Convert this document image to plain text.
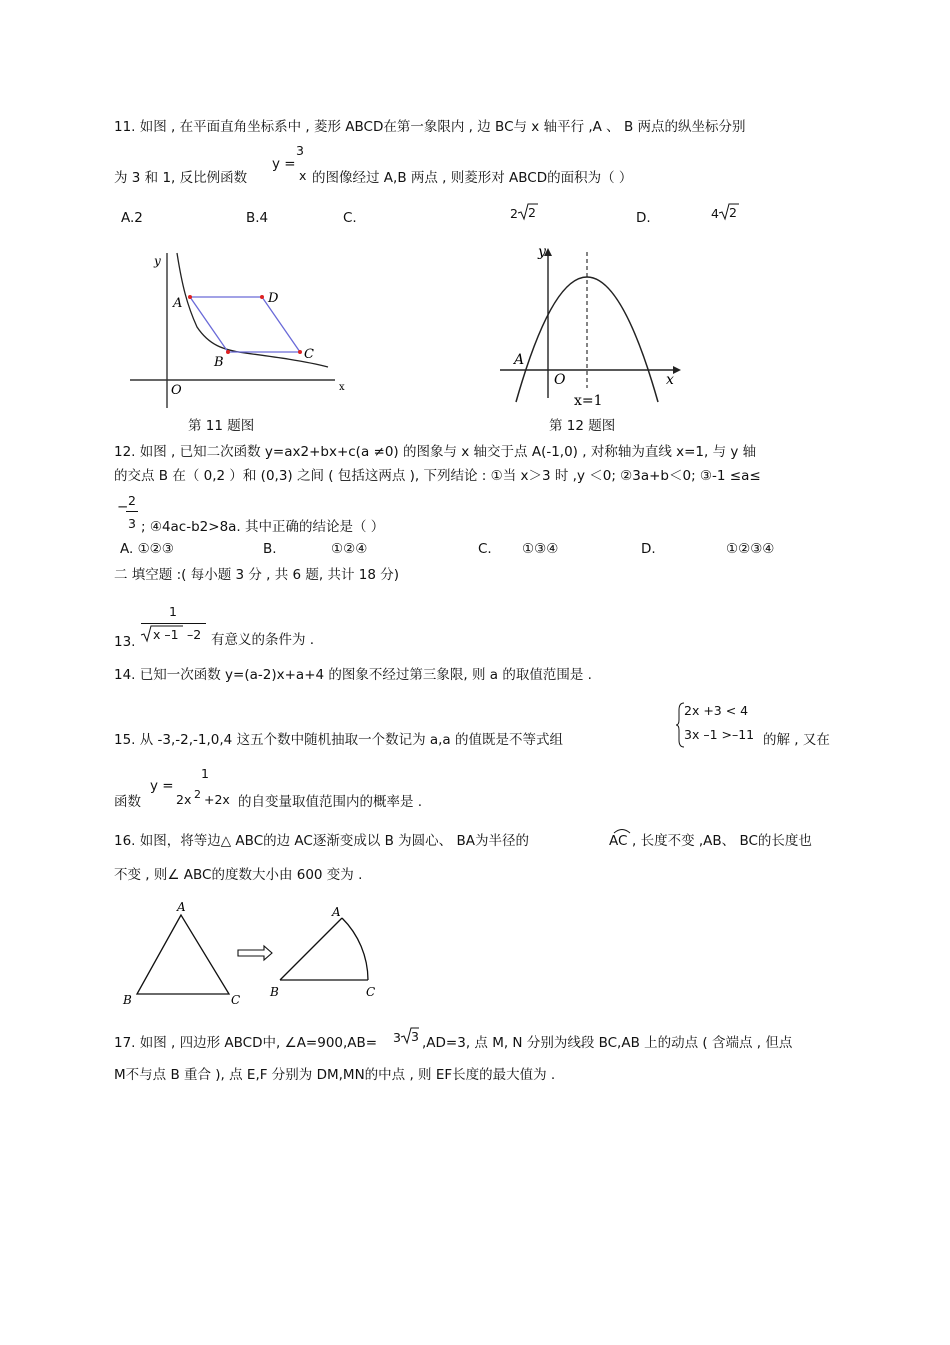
11. 如图 , 在平面直角坐标系中 , 菱形 ABCD在第一象限内 , 边 BC与 x 轴平行 ,A 、 B 两点的纵坐标分别
y =
3
x
为 3 和 1, 反比例函数	的图像经过 A,B 两点 , 则菱形对 ABCD的面积为（ ）
A.2	B.4	C.	2 2	D.	4 2
y
x
O
A	D
C
B
第 11 题图
y
x
O
A
x=1
第 12 题图
12. 如图 , 已知二次函数 y=ax2+bx+c(a ≠0) 的图象与 x 轴交于点 A(-1,0) , 对称轴为直线 x=1, 与 y 轴
的交点 B 在（ 0,2 ）和 (0,3) 之间 ( 包括这两点 ), 下列结论 : ①当 x＞3 时 ,y ＜0; ②3a+b＜0; ③-1 ≤a≤
− 2
3 ; ④4ac-b2>8a. 其中正确的结论是（ ）
A. ①②③	B.	①②④	C. ①③④	D.	①②③④
二 填空题 :( 每小题 3 分 , 共 6 题, 共计 18 分)
1
x –1 –2
13.	有意义的条件为 .
14. 已知一次函数 y=(a-2)x+a+4 的图象不经过第三象限, 则 a 的取值范围是 .
2x +3 < 4
3x –1 >–11
15. 从 -3,-2,-1,0,4 这五个数中随机抽取一个数记为 a,a 的值既是不等式组	的解 , 又在
y =
1
2x 2 +2x
函数	的自变量取值范围内的概率是 .
16. 如图，将等边△ ABC的边 AC逐渐变成以 B 为圆心、 BA为半径的	AC , 长度不变 ,AB、 BC的长度也
不变 , 则∠ ABC的度数大小由 600 变为 .
A
B	C
A
B	C
17. 如图 , 四边形 ABCD中, ∠A=900,AB= 3 3 ,AD=3, 点 M, N 分别为线段 BC,AB 上的动点 ( 含端点 , 但点
M不与点 B 重合 ), 点 E,F 分别为 DM,MN的中点 , 则 EF长度的最大值为 .
